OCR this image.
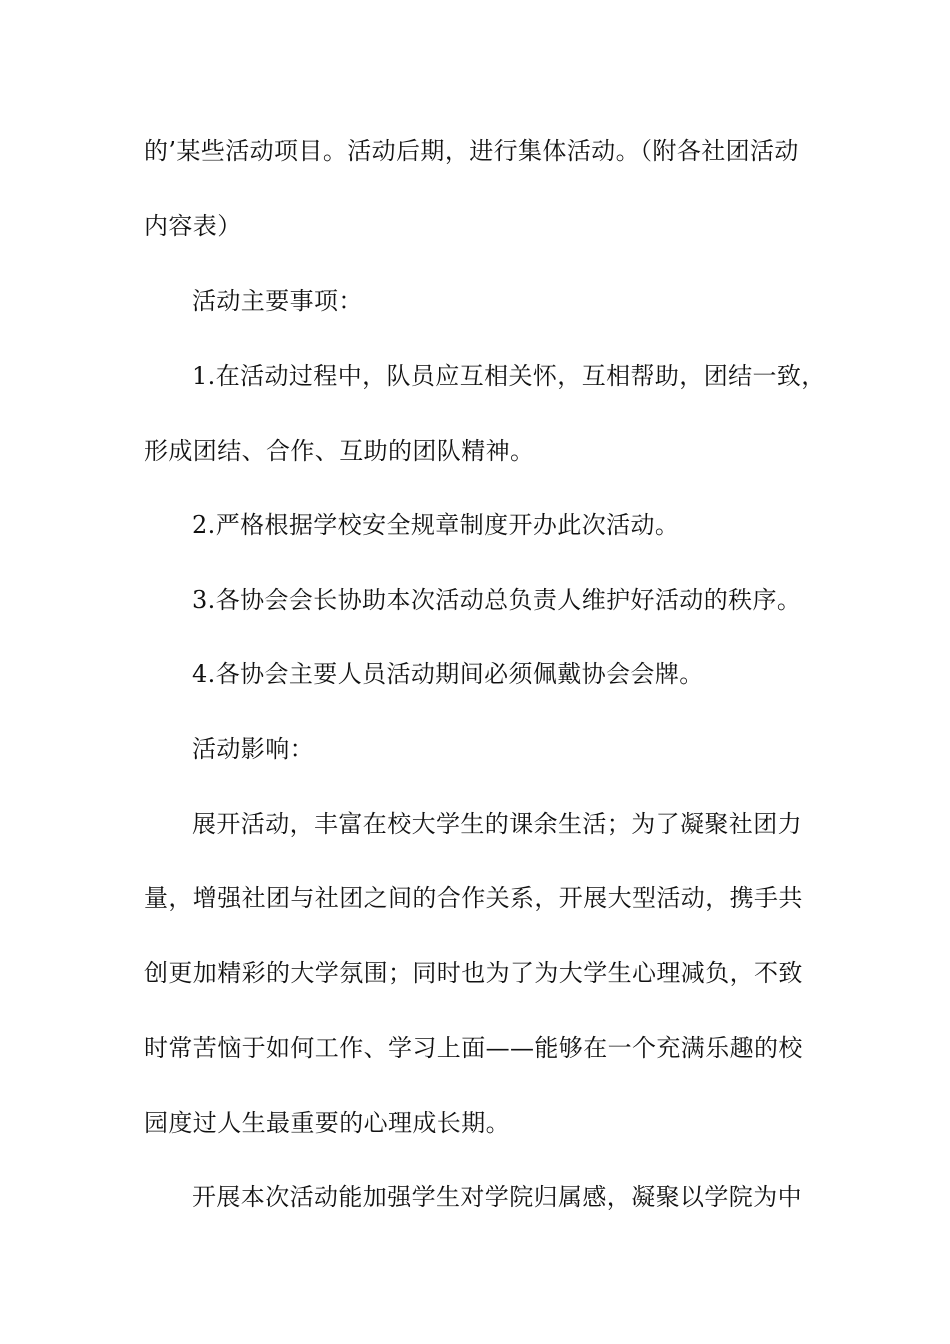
的’某些活动项目。活动后期，进行集体活动。（附各社团活动
内容表）
活动主要事项：
1.在活动过程中，队员应互相关怀，互相帮助，团结一致，
形成团结、合作、互助的团队精神。
2.严格根据学校安全规章制度开办此次活动。
3.各协会会长协助本次活动总负责人维护好活动的秩序。
4.各协会主要人员活动期间必须佩戴协会会牌。
活动影响：
展开活动，丰富在校大学生的课余生活；为了凝聚社团力
量，增强社团与社团之间的合作关系，开展大型活动，携手共
创更加精彩的大学氛围；同时也为了为大学生心理减负，不致
时常苦恼于如何工作、学习上面——能够在一个充满乐趣的校
园度过人生最重要的心理成长期。
开展本次活动能加强学生对学院归属感，凝聚以学院为中
